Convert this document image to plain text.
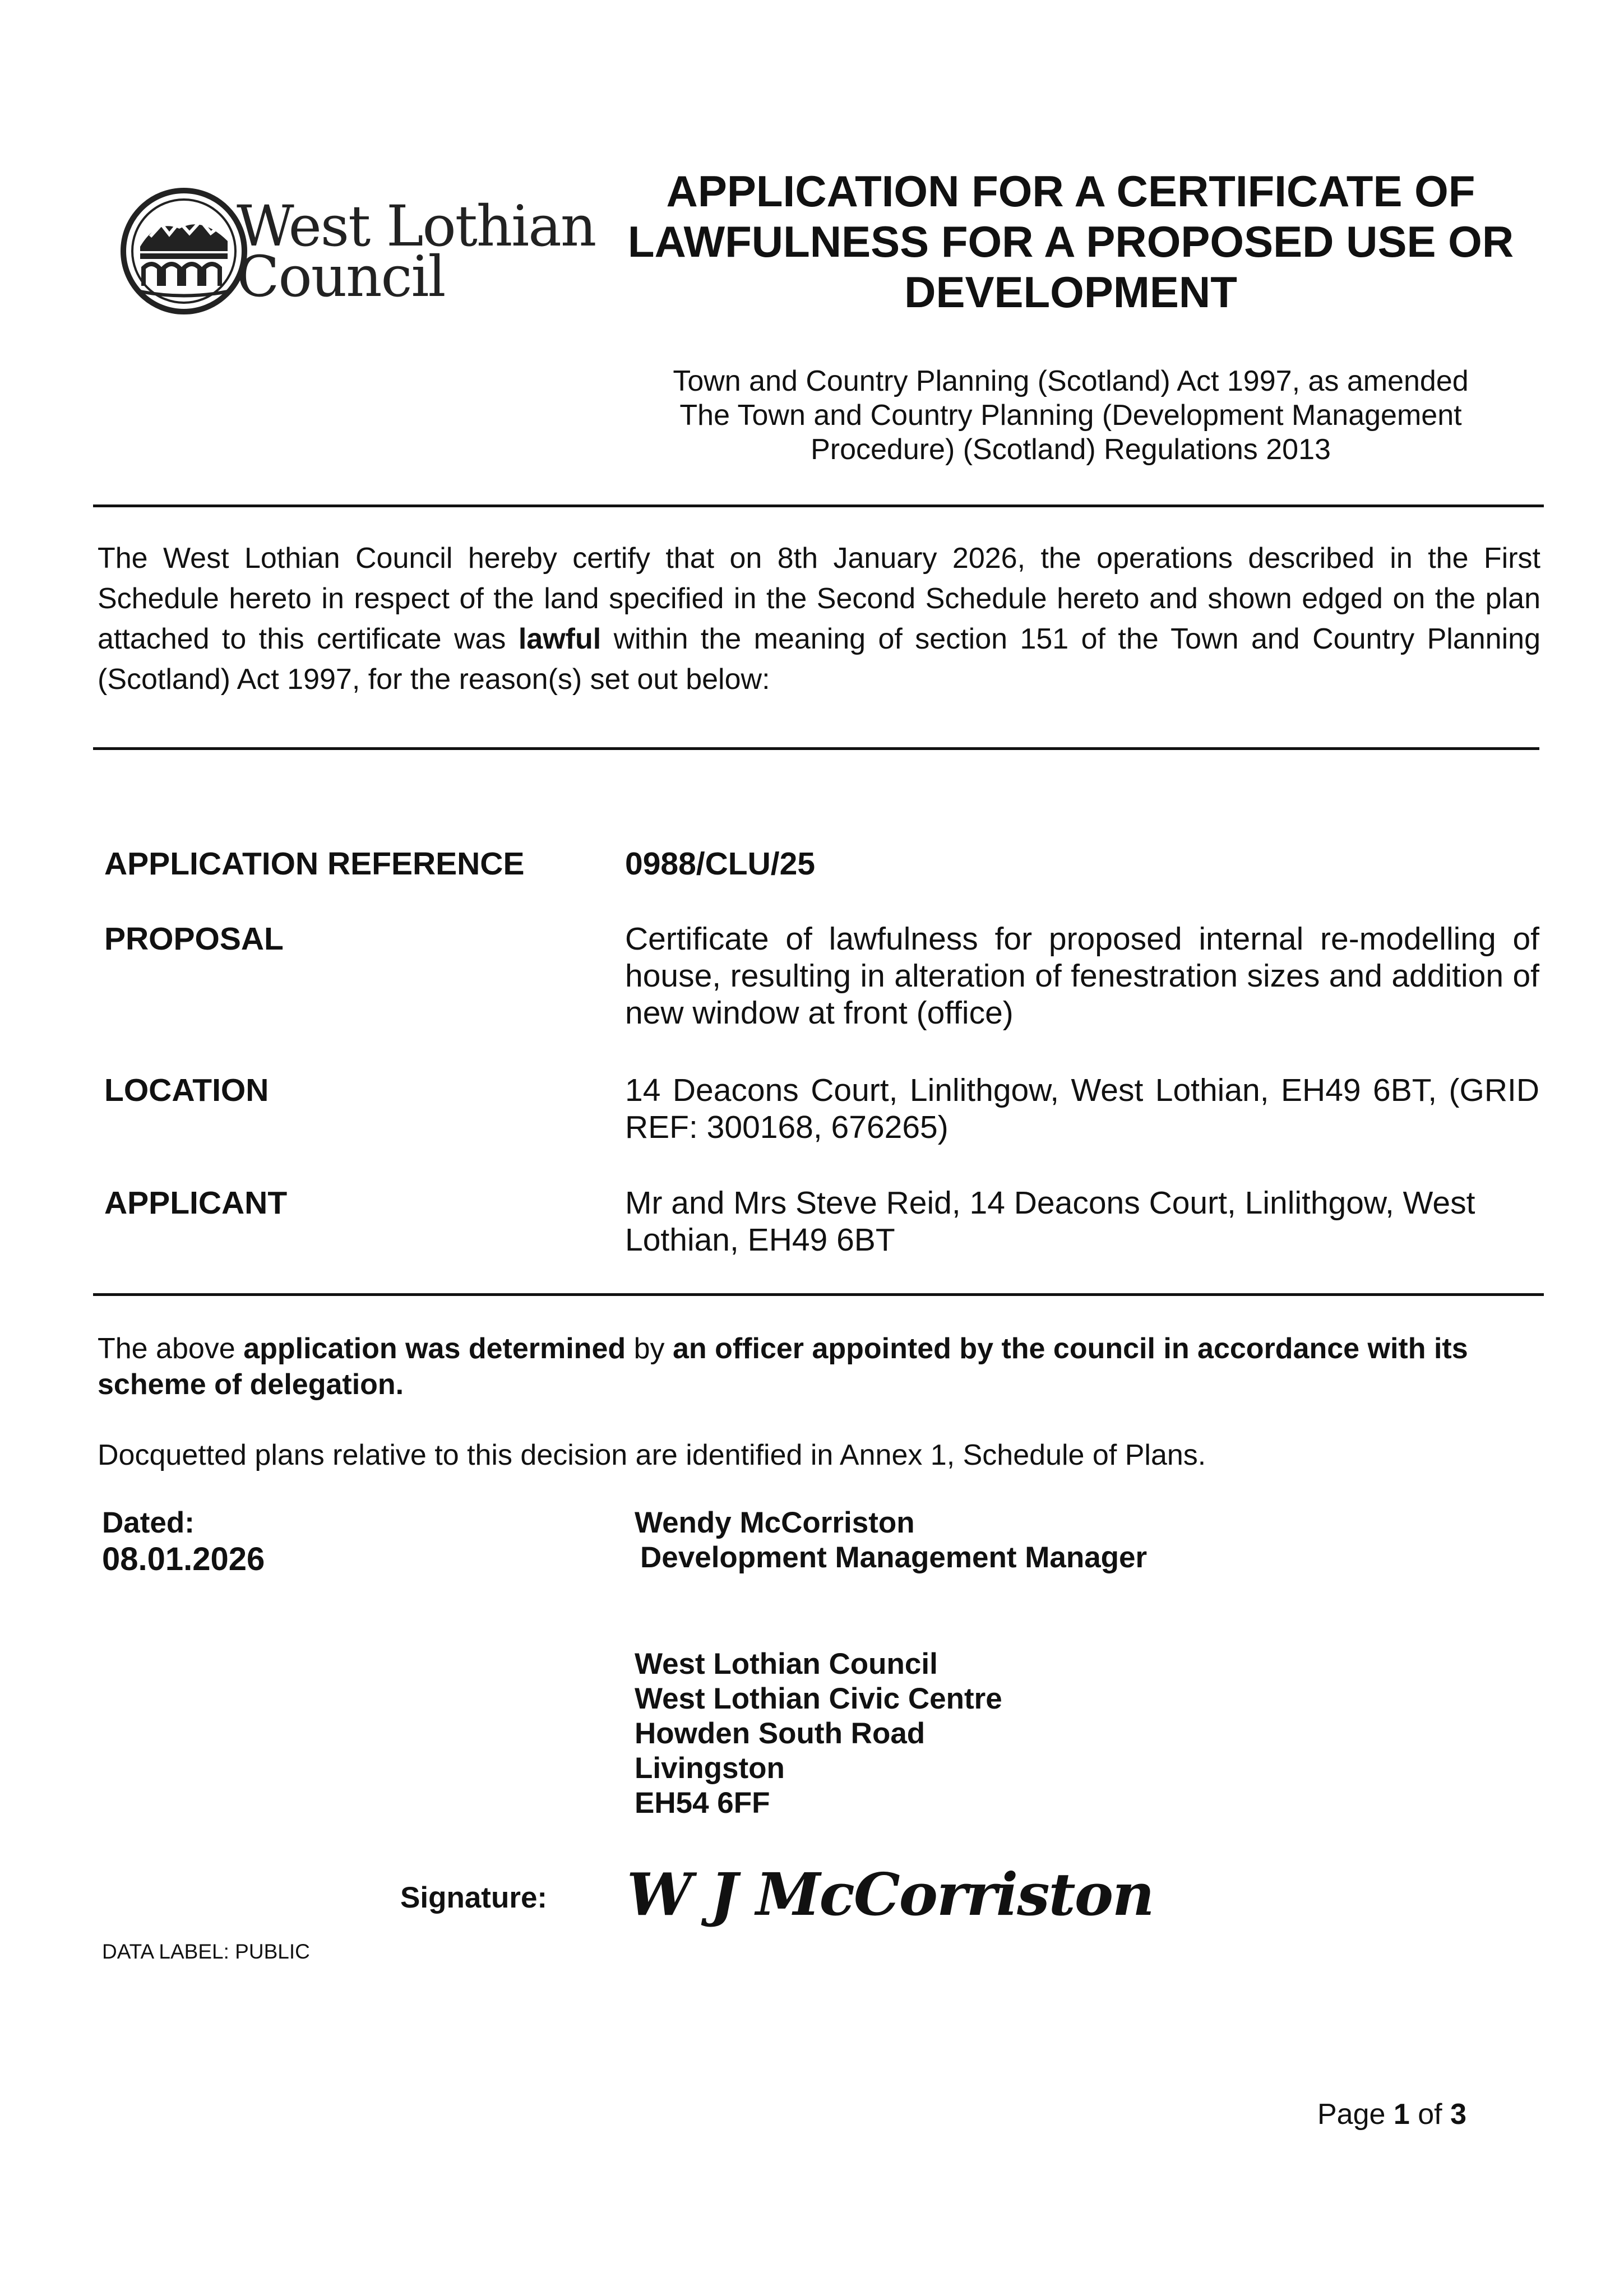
West Lothian
Council
APPLICATION FOR A CERTIFICATE OF LAWFULNESS FOR A PROPOSED USE OR DEVELOPMENT
Town and Country Planning (Scotland) Act 1997, as amended
The Town and Country Planning (Development Management
Procedure) (Scotland) Regulations 2013
The West Lothian Council hereby certify that on 8th January 2026, the operations described in the First Schedule hereto in respect of the land specified in the Second Schedule hereto and shown edged on the plan attached to this certificate was lawful within the meaning of section 151 of the Town and Country Planning (Scotland) Act 1997, for the reason(s) set out below:
APPLICATION REFERENCE	0988/CLU/25
PROPOSAL	Certificate of lawfulness for proposed internal re-modelling of house, resulting in alteration of fenestration sizes and addition of new window at front (office)
LOCATION	14 Deacons Court, Linlithgow, West Lothian, EH49 6BT, (GRID REF: 300168, 676265)
APPLICANT	Mr and Mrs Steve Reid, 14 Deacons Court, Linlithgow, West Lothian, EH49 6BT
The above application was determined by an officer appointed by the council in accordance with its scheme of delegation.
Docquetted plans relative to this decision are identified in Annex 1, Schedule of Plans.
Dated:
08.01.2026
Wendy McCorriston
Development Management Manager
West Lothian Council
West Lothian Civic Centre
Howden South Road
Livingston
EH54 6FF
Signature: W J McCorriston
DATA LABEL: PUBLIC
Page 1 of 3
